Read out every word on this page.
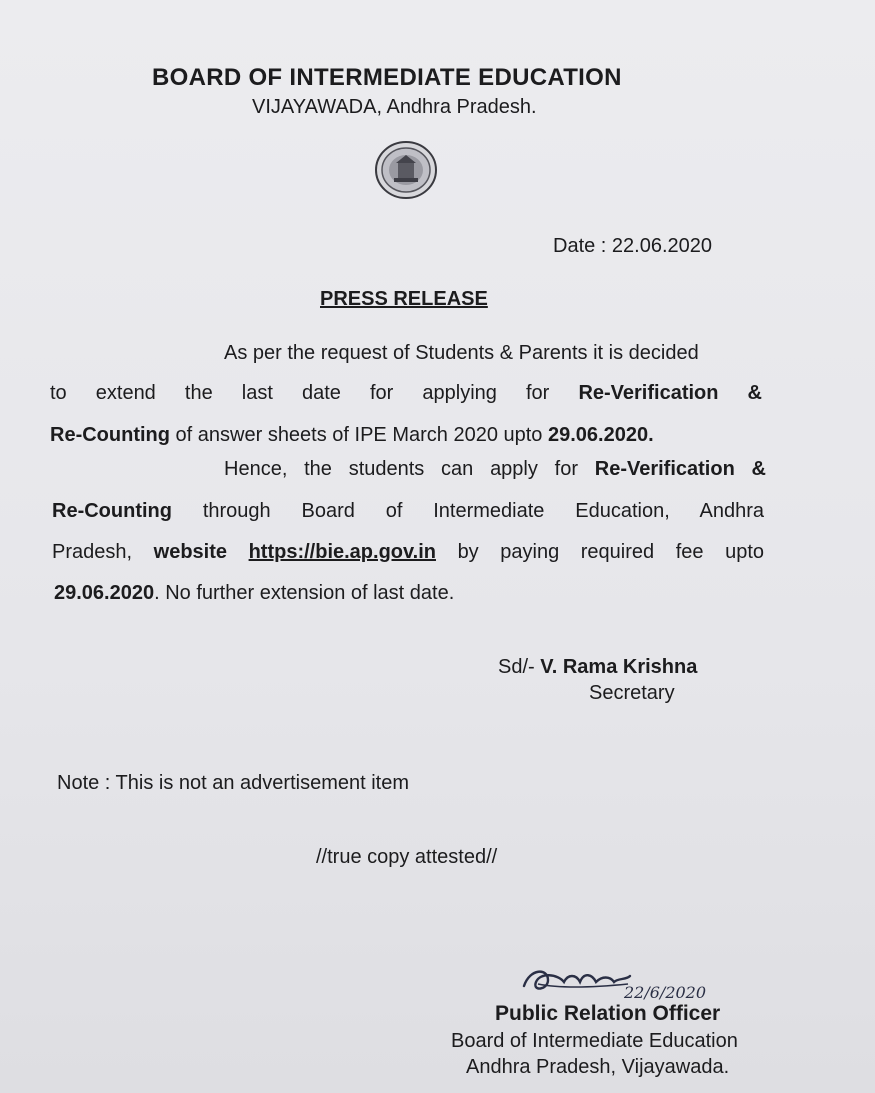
BOARD OF INTERMEDIATE EDUCATION
VIJAYAWADA, Andhra Pradesh.
Date : 22.06.2020
PRESS RELEASE
As per the request of Students & Parents it is decided
to extend the last date for applying for Re-Verification &
Re-Counting of answer sheets of IPE March 2020 upto 29.06.2020.
Hence, the students can apply for Re-Verification &
Re-Counting through Board of Intermediate Education, Andhra
Pradesh, website https://bie.ap.gov.in by paying required fee upto
29.06.2020. No further extension of last date.
Sd/- V. Rama Krishna
Secretary
Note : This is not an advertisement item
//true copy attested//
22/6/2020
Public Relation Officer
Board of Intermediate Education
Andhra Pradesh, Vijayawada.
